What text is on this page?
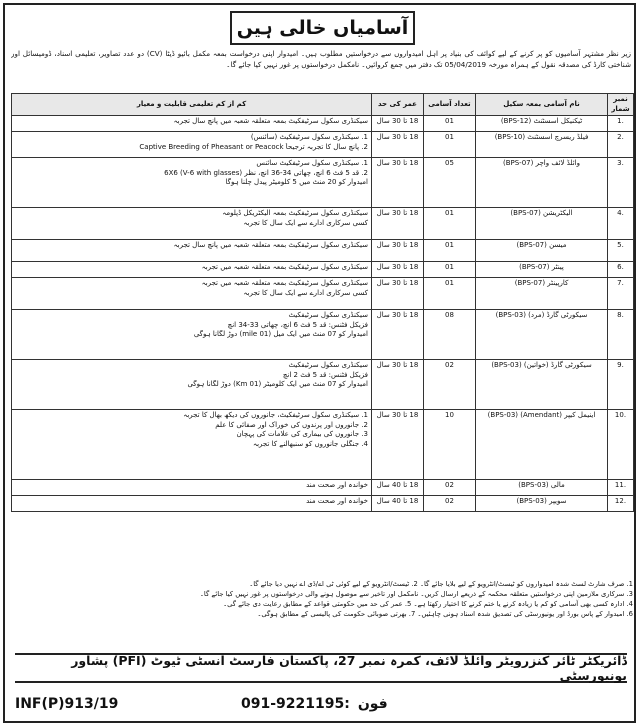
آسامیاں خالی ہیں
زیر نظر مشتہر آسامیوں کو پر کرنے کے لیے کوائف کی بنیاد پر اہل امیدواروں سے درخواستیں مطلوب ہیں۔ امیدوار اپنی درخواست بمعہ مکمل بائیو ڈیٹا (CV) دو عدد تصاویر، تعلیمی اسناد، ڈومیسائل اور شناختی کارڈ کی مصدقہ نقول کے ہمراہ مورخہ 05/04/2019 تک دفتر میں جمع کروائیں۔ نامکمل درخواستوں پر غور نہیں کیا جائے گا۔
نمبر شمار	نام آسامی بمعہ سکیل	تعداد آسامی	عمر کی حد	کم از کم تعلیمی قابلیت و معیار
1.	ٹیکنیکل اسسٹنٹ (BPS-12)	01	18 تا 30 سال	سیکنڈری سکول سرٹیفکیٹ بمعہ متعلقہ شعبہ میں پانچ سال تجربہ

2.	فیلڈ ریسرچ اسسٹنٹ (BPS-10)	01	18 تا 30 سال	1. سیکنڈری سکول سرٹیفکیٹ (سائنس)
2. پانچ سال کا تجربہ ترجیحاً Captive Breeding of Pheasant or Peacock

3.	وائلڈ لائف واچر (BPS-07)	05	18 تا 30 سال	1. سیکنڈری سکول سرٹیفکیٹ سائنس
2. قد 5 فٹ 6 انچ، چھاتی 34-36 انچ، نظر 6X6 (V-6 with glasses)
امیدوار کو 20 منٹ میں 5 کلومیٹر پیدل چلنا ہوگا

4.	الیکٹریشن (BPS-07)	01	18 تا 30 سال	سیکنڈری سکول سرٹیفکیٹ بمعہ الیکٹریکل ڈپلومہ
کسی سرکاری ادارے سے ایک سال کا تجربہ

5.	میسن (BPS-07)	01	18 تا 30 سال	سیکنڈری سکول سرٹیفکیٹ بمعہ متعلقہ شعبہ میں پانچ سال تجربہ

6.	پینٹر (BPS-07)	01	18 تا 30 سال	سیکنڈری سکول سرٹیفکیٹ بمعہ متعلقہ شعبہ میں تجربہ

7.	کارپینٹر (BPS-07)	01	18 تا 30 سال	سیکنڈری سکول سرٹیفکیٹ بمعہ متعلقہ شعبہ میں تجربہ
کسی سرکاری ادارے سے ایک سال کا تجربہ

8.	سیکورٹی گارڈ (مرد) (BPS-03)	08	18 تا 30 سال	سیکنڈری سکول سرٹیفکیٹ
فزیکل فٹنس: قد 5 فٹ 6 انچ، چھاتی 33-34 انچ
امیدوار کو 07 منٹ میں ایک میل (01 mile) دوڑ لگانا ہوگی

9.	سیکورٹی گارڈ (خواتین) (BPS-03)	02	18 تا 30 سال	سیکنڈری سکول سرٹیفکیٹ
فزیکل فٹنس: قد 5 فٹ 2 انچ
امیدوار کو 07 منٹ میں ایک کلومیٹر (01 Km) دوڑ لگانا ہوگی

10.	اینیمل کیپر (Amendant) (BPS-03)	10	18 تا 30 سال	1. سیکنڈری سکول سرٹیفکیٹ، جانوروں کی دیکھ بھال کا تجربہ
2. جانوروں اور پرندوں کی خوراک اور صفائی کا علم
3. جانوروں کی بیماری کی علامات کی پہچان
4. جنگلی جانوروں کو سنبھالنے کا تجربہ

11.	مالی (BPS-03)	02	18 تا 40 سال	خواندہ اور صحت مند

12.	سویپر (BPS-03)	02	18 تا 40 سال	خواندہ اور صحت مند
1. صرف شارٹ لسٹ شدہ امیدواروں کو ٹیسٹ/انٹرویو کے لیے بلایا جائے گا۔ 2. ٹیسٹ/انٹرویو کے لیے کوئی ٹی اے/ڈی اے نہیں دیا جائے گا۔
3. سرکاری ملازمین اپنی درخواستیں متعلقہ محکمہ کے ذریعے ارسال کریں۔ نامکمل اور تاخیر سے موصول ہونے والی درخواستوں پر غور نہیں کیا جائے گا۔
4. ادارہ کسی بھی آسامی کو کم یا زیادہ کرنے یا ختم کرنے کا اختیار رکھتا ہے۔ 5. عمر کی حد میں حکومتی قواعد کے مطابق رعایت دی جائے گی۔
6. امیدوار کے پاس بورڈ اور یونیورسٹی کی تصدیق شدہ اسناد ہونی چاہئیں۔ 7. بھرتی صوبائی حکومت کی پالیسی کے مطابق ہوگی۔
ڈائریکٹر ٹائر کنزرویٹر وائلڈ لائف، کمرہ نمبر 27، پاکستان فارسٹ انسٹی ٹیوٹ (PFI) پشاور یونیورسٹی
INF(P)913/19	091-9221195: فون
